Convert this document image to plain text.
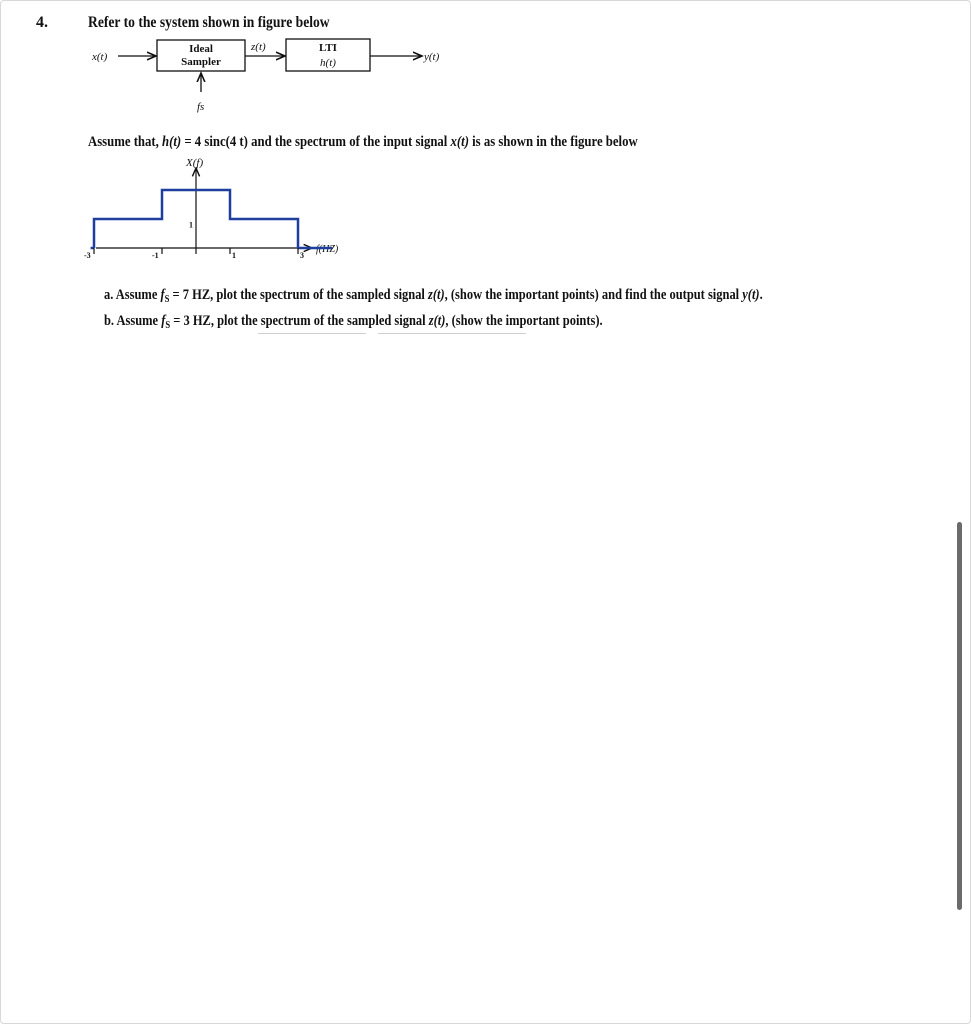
4.	Refer to the system shown in figure below
x(t)
Ideal
Sampler
z(t)	LTI
h(t)	y(t)
fs
X(f)
f(HZ)
-3	-1	1	3
1
Assume that, h(t) = 4 sinc(4 t) and the spectrum of the input signal x(t) is as shown in the figure below
a. Assume $f_S = 7$ HZ, plot the spectrum of the sampled signal z(t), (show the important points) and find the output signal y(t).
b. Assume $f_S = 3$ HZ, plot the spectrum of the sampled signal z(t), (show the important points).
